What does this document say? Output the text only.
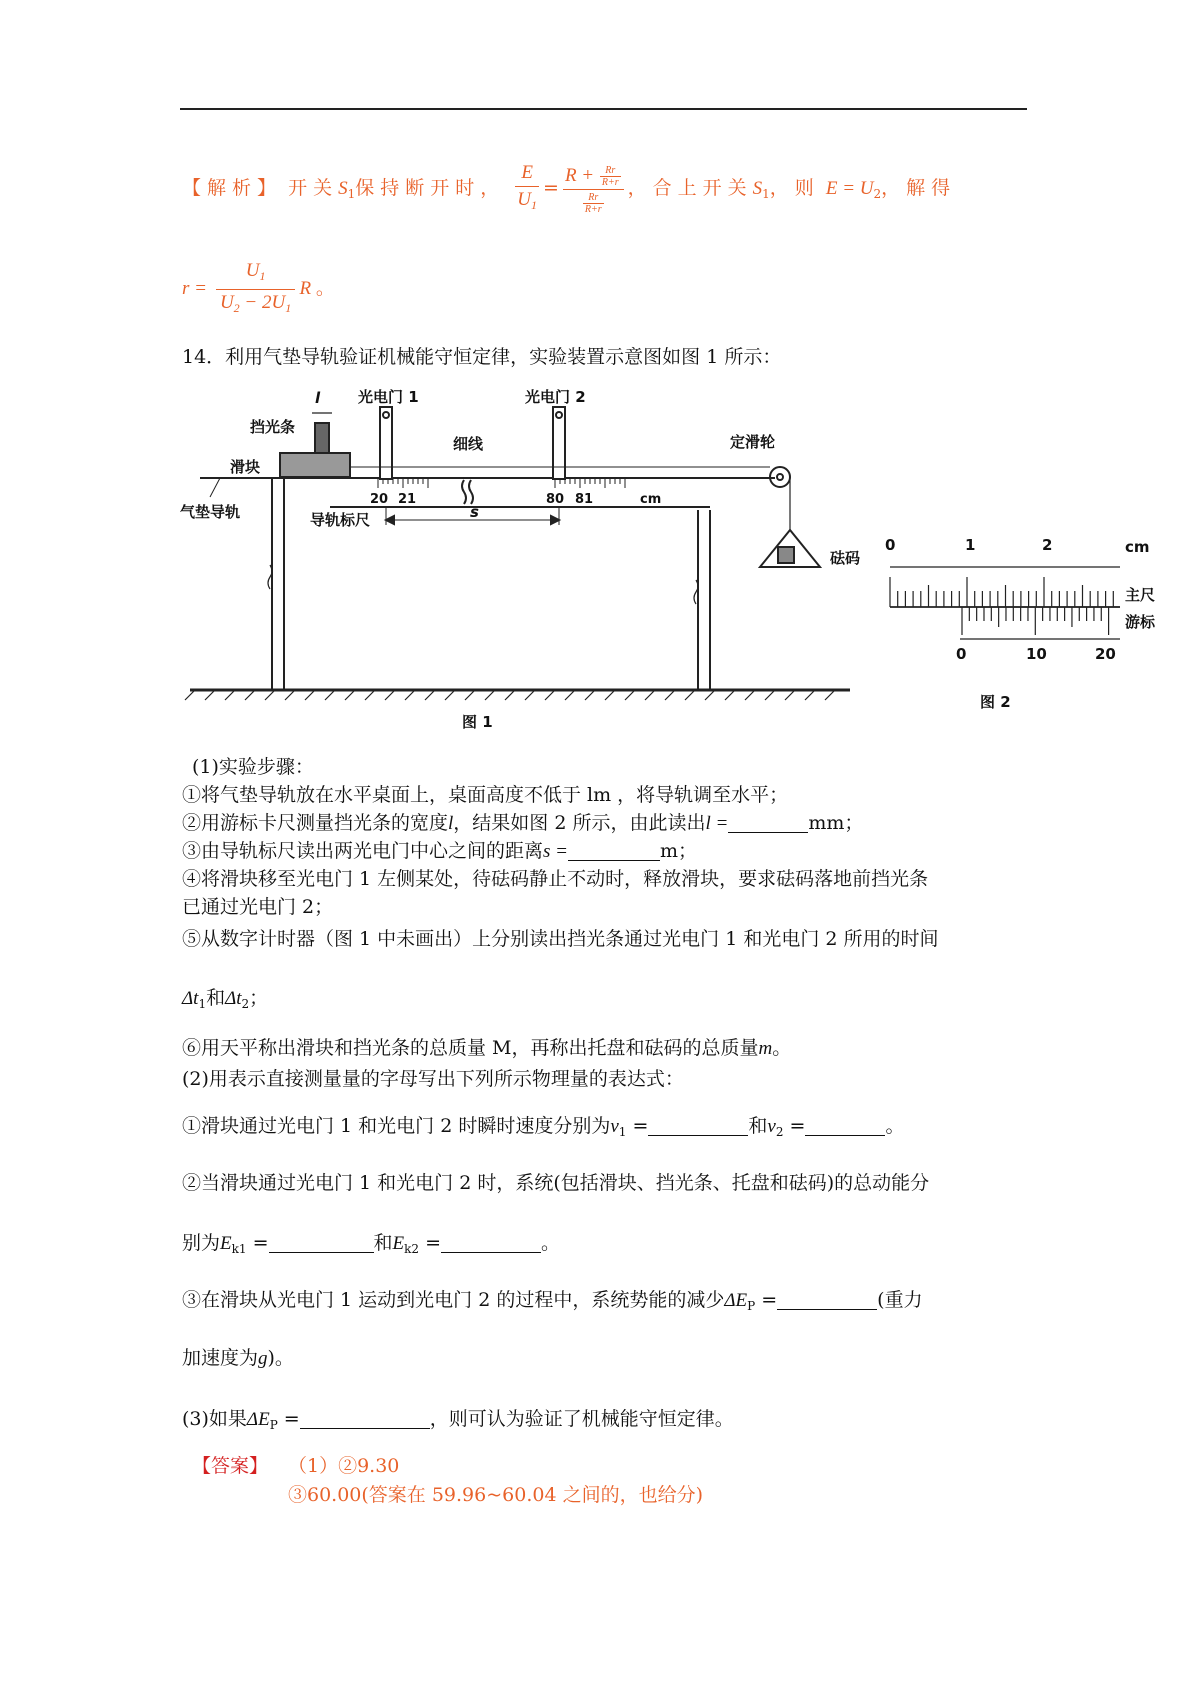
【解析】 开关$S_1$保持断开时， $\frac{E}{U_1} = \frac{R + \frac{Rr}{R+r}}{\frac{Rr}{R+r}}$ ，合上开关$S_1$，则 $E = U_2$，解得
$r = \frac{U_1}{U_2 - 2U_1}$ R 。
14．利用气垫导轨验证机械能守恒定律，实验装置示意图如图 1 所示：
l	光电门 1	光电门 2
挡光条
细线	定滑轮
滑块
气垫导轨	导轨标尺	s
砝码
20 21	80 81	cm
图 1
0	1	2	cm
主尺
游标
0	10	20
图 2
(1)实验步骤：
①将气垫导轨放在水平桌面上，桌面高度不低于 lm ，将导轨调至水平；
②用游标卡尺测量挡光条的宽度l，结果如图 2 所示，由此读出l =	mm；
③由导轨标尺读出两光电门中心之间的距离s =	m；
④将滑块移至光电门 1 左侧某处，待砝码静止不动时，释放滑块，要求砝码落地前挡光条
已通过光电门 2；
⑤从数字计时器（图 1 中未画出）上分别读出挡光条通过光电门 1 和光电门 2 所用的时间
$\Delta t_1$和$\Delta t_2$；
⑥用天平称出滑块和挡光条的总质量 M，再称出托盘和砝码的总质量m。
(2)用表示直接测量量的字母写出下列所示物理量的表达式：
①滑块通过光电门 1 和光电门 2 时瞬时速度分别为$v_1$ =	和$v_2$ =	。
②当滑块通过光电门 1 和光电门 2 时，系统(包括滑块、挡光条、托盘和砝码)的总动能分
别为$E_{k1}$ =	和$E_{k2}$ =	。
③在滑块从光电门 1 运动到光电门 2 的过程中，系统势能的减少$\Delta E_P$ =	(重力
加速度为g)。
(3)如果$\Delta E_P$ =	，则可认为验证了机械能守恒定律。
【答案】 （1）②9.30
③60.00(答案在 59.96~60.04 之间的，也给分)
